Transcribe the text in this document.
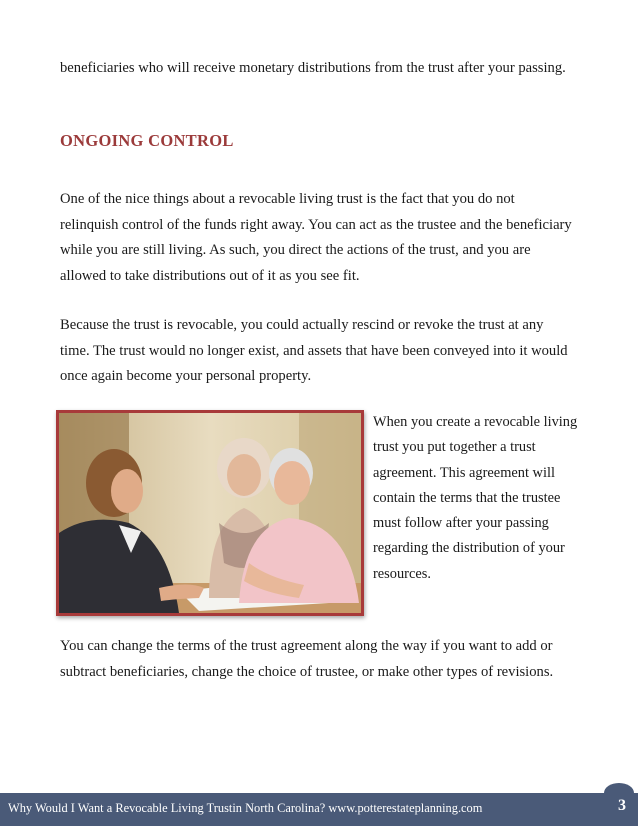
beneficiaries who will receive monetary distributions from the trust after your passing.

ONGOING CONTROL

One of the nice things about a revocable living trust is the fact that you do not relinquish control of the funds right away. You can act as the trustee and the beneficiary while you are still living. As such, you direct the actions of the trust, and you are allowed to take distributions out of it as you see fit.

Because the trust is revocable, you could actually rescind or revoke the trust at any time. The trust would no longer exist, and assets that have been conveyed into it would once again become your personal property.

When you create a revocable living trust you put together a trust agreement. This agreement will contain the terms that the trustee must follow after your passing regarding the distribution of your resources.

You can change the terms of the trust agreement along the way if you want to add or subtract beneficiaries, change the choice of trustee, or make other types of revisions.

Why Would I Want a Revocable Living Trustin North Carolina? www.potterestateplanning.com	3
